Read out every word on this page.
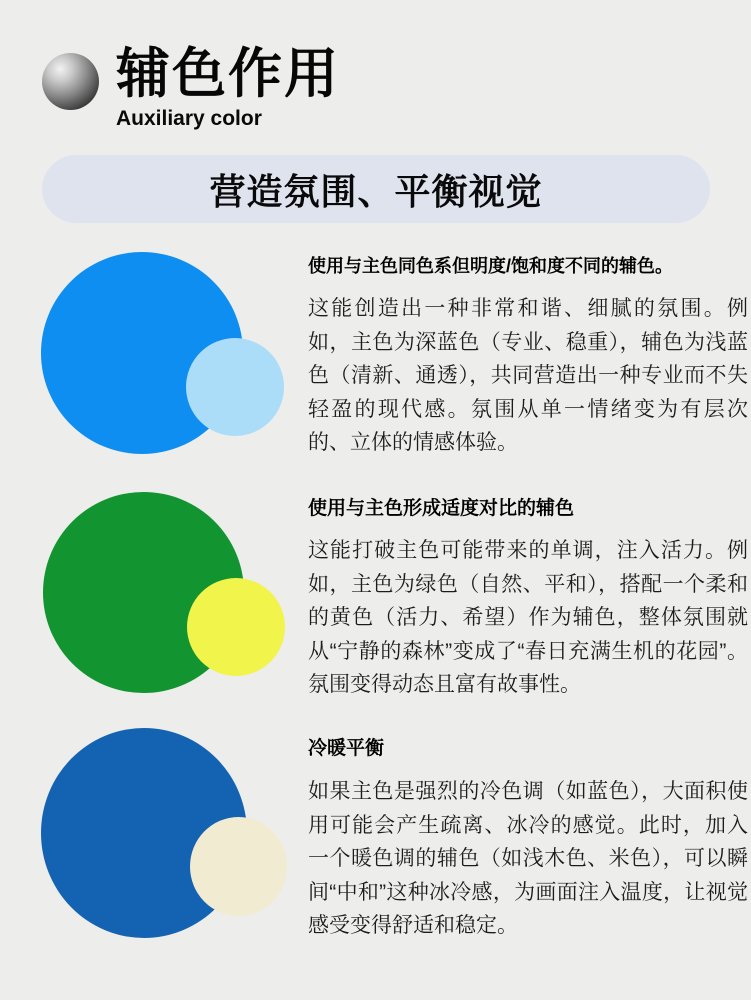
辅色作用
Auxiliary color
营造氛围、平衡视觉
使用与主色同色系但明度/饱和度不同的辅色。
这能创造出一种非常和谐、细腻的氛围。例如，主色为深蓝色（专业、稳重），辅色为浅蓝色（清新、通透），共同营造出一种专业而不失轻盈的现代感。氛围从单一情绪变为有层次的、立体的情感体验。
使用与主色形成适度对比的辅色
这能打破主色可能带来的单调，注入活力。例如，主色为绿色（自然、平和），搭配一个柔和的黄色（活力、希望）作为辅色，整体氛围就从“宁静的森林”变成了“春日充满生机的花园”。氛围变得动态且富有故事性。
冷暖平衡
如果主色是强烈的冷色调（如蓝色），大面积使用可能会产生疏离、冰冷的感觉。此时，加入一个暖色调的辅色（如浅木色、米色），可以瞬间“中和”这种冰冷感，为画面注入温度，让视觉感受变得舒适和稳定。
